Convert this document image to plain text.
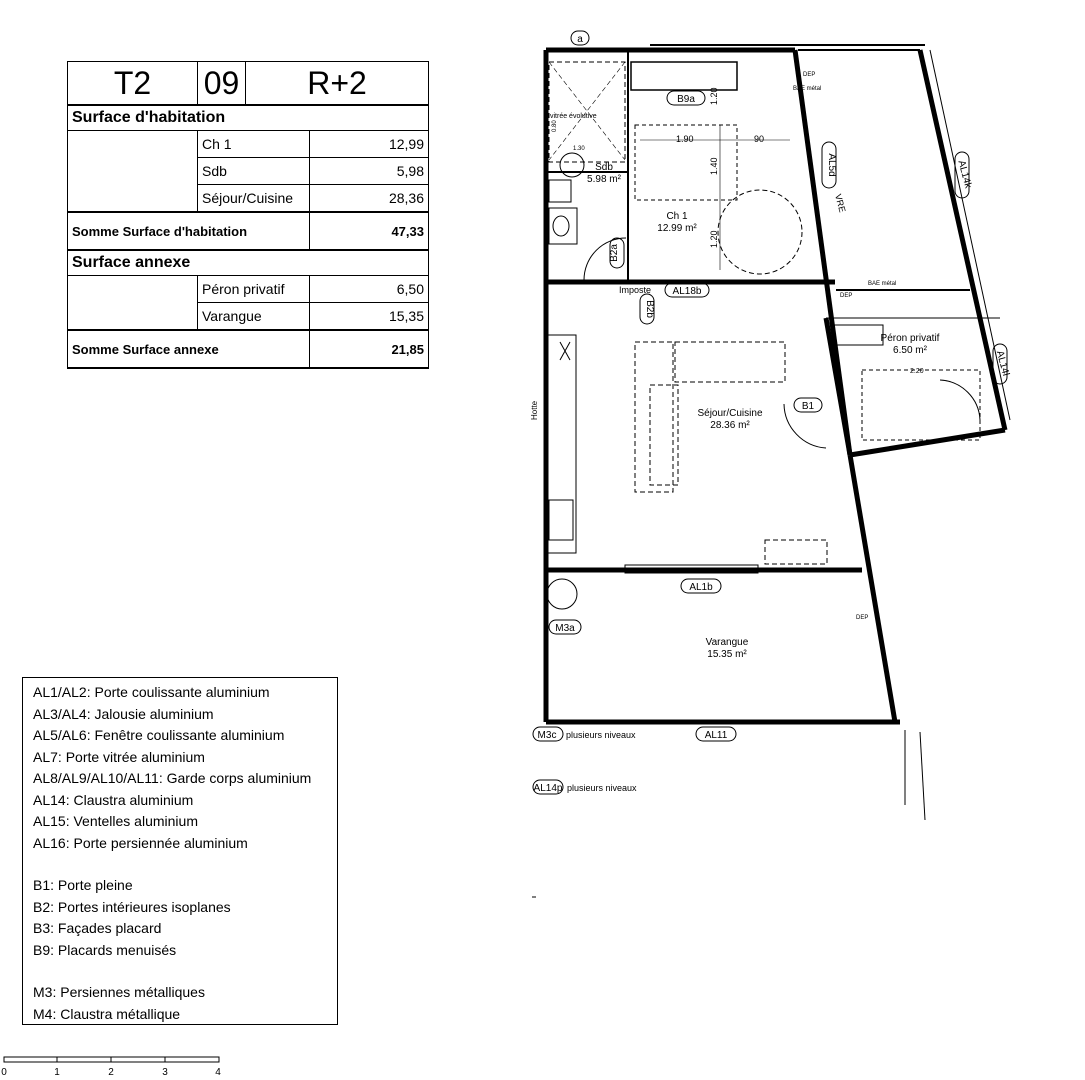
T2	09	R+2	
Surface d'habitation			
	Ch 1		12,99
	Sdb		5,98
	Séjour/Cuisine		28,36
Somme Surface d'habitation			47,33
Surface annexe			
	Péron privatif		6,50
	Varangue		15,35
Somme Surface annexe			21,85
AL1/AL2: Porte coulissante aluminium
AL3/AL4: Jalousie aluminium
AL5/AL6: Fenêtre coulissante aluminium
AL7: Porte vitrée aluminium
AL8/AL9/AL10/AL11: Garde corps aluminium
AL14: Claustra aluminium
AL15: Ventelles aluminium
AL16: Porte persiennée aluminium
B1: Porte pleine
B2: Portes intérieures isoplanes
B3: Façades placard
B9: Placards menuisés
M3: Persiennes métalliques
M4: Claustra métallique
Sdb
5.98 m²
Ch 1
12.99 m²
Séjour/Cuisine
28.36 m²
Péron privatif
6.50 m²
Varangue
15.35 m²
a
B9a
B2a
AL18b
B2b
AL5d	AL14k
AL14l
B1
AL1b
M3a
M3c	AL11
AL14p
vitrée évolutive
0.80
1.30
1.90	90
1.20
1.40
1.20
2.20
DEP
DEP
DEP
BAE métal
BAE métal
VRE
Imposte
Hotte
plusieurs niveaux
plusieurs niveaux
0	1	2	3	4
